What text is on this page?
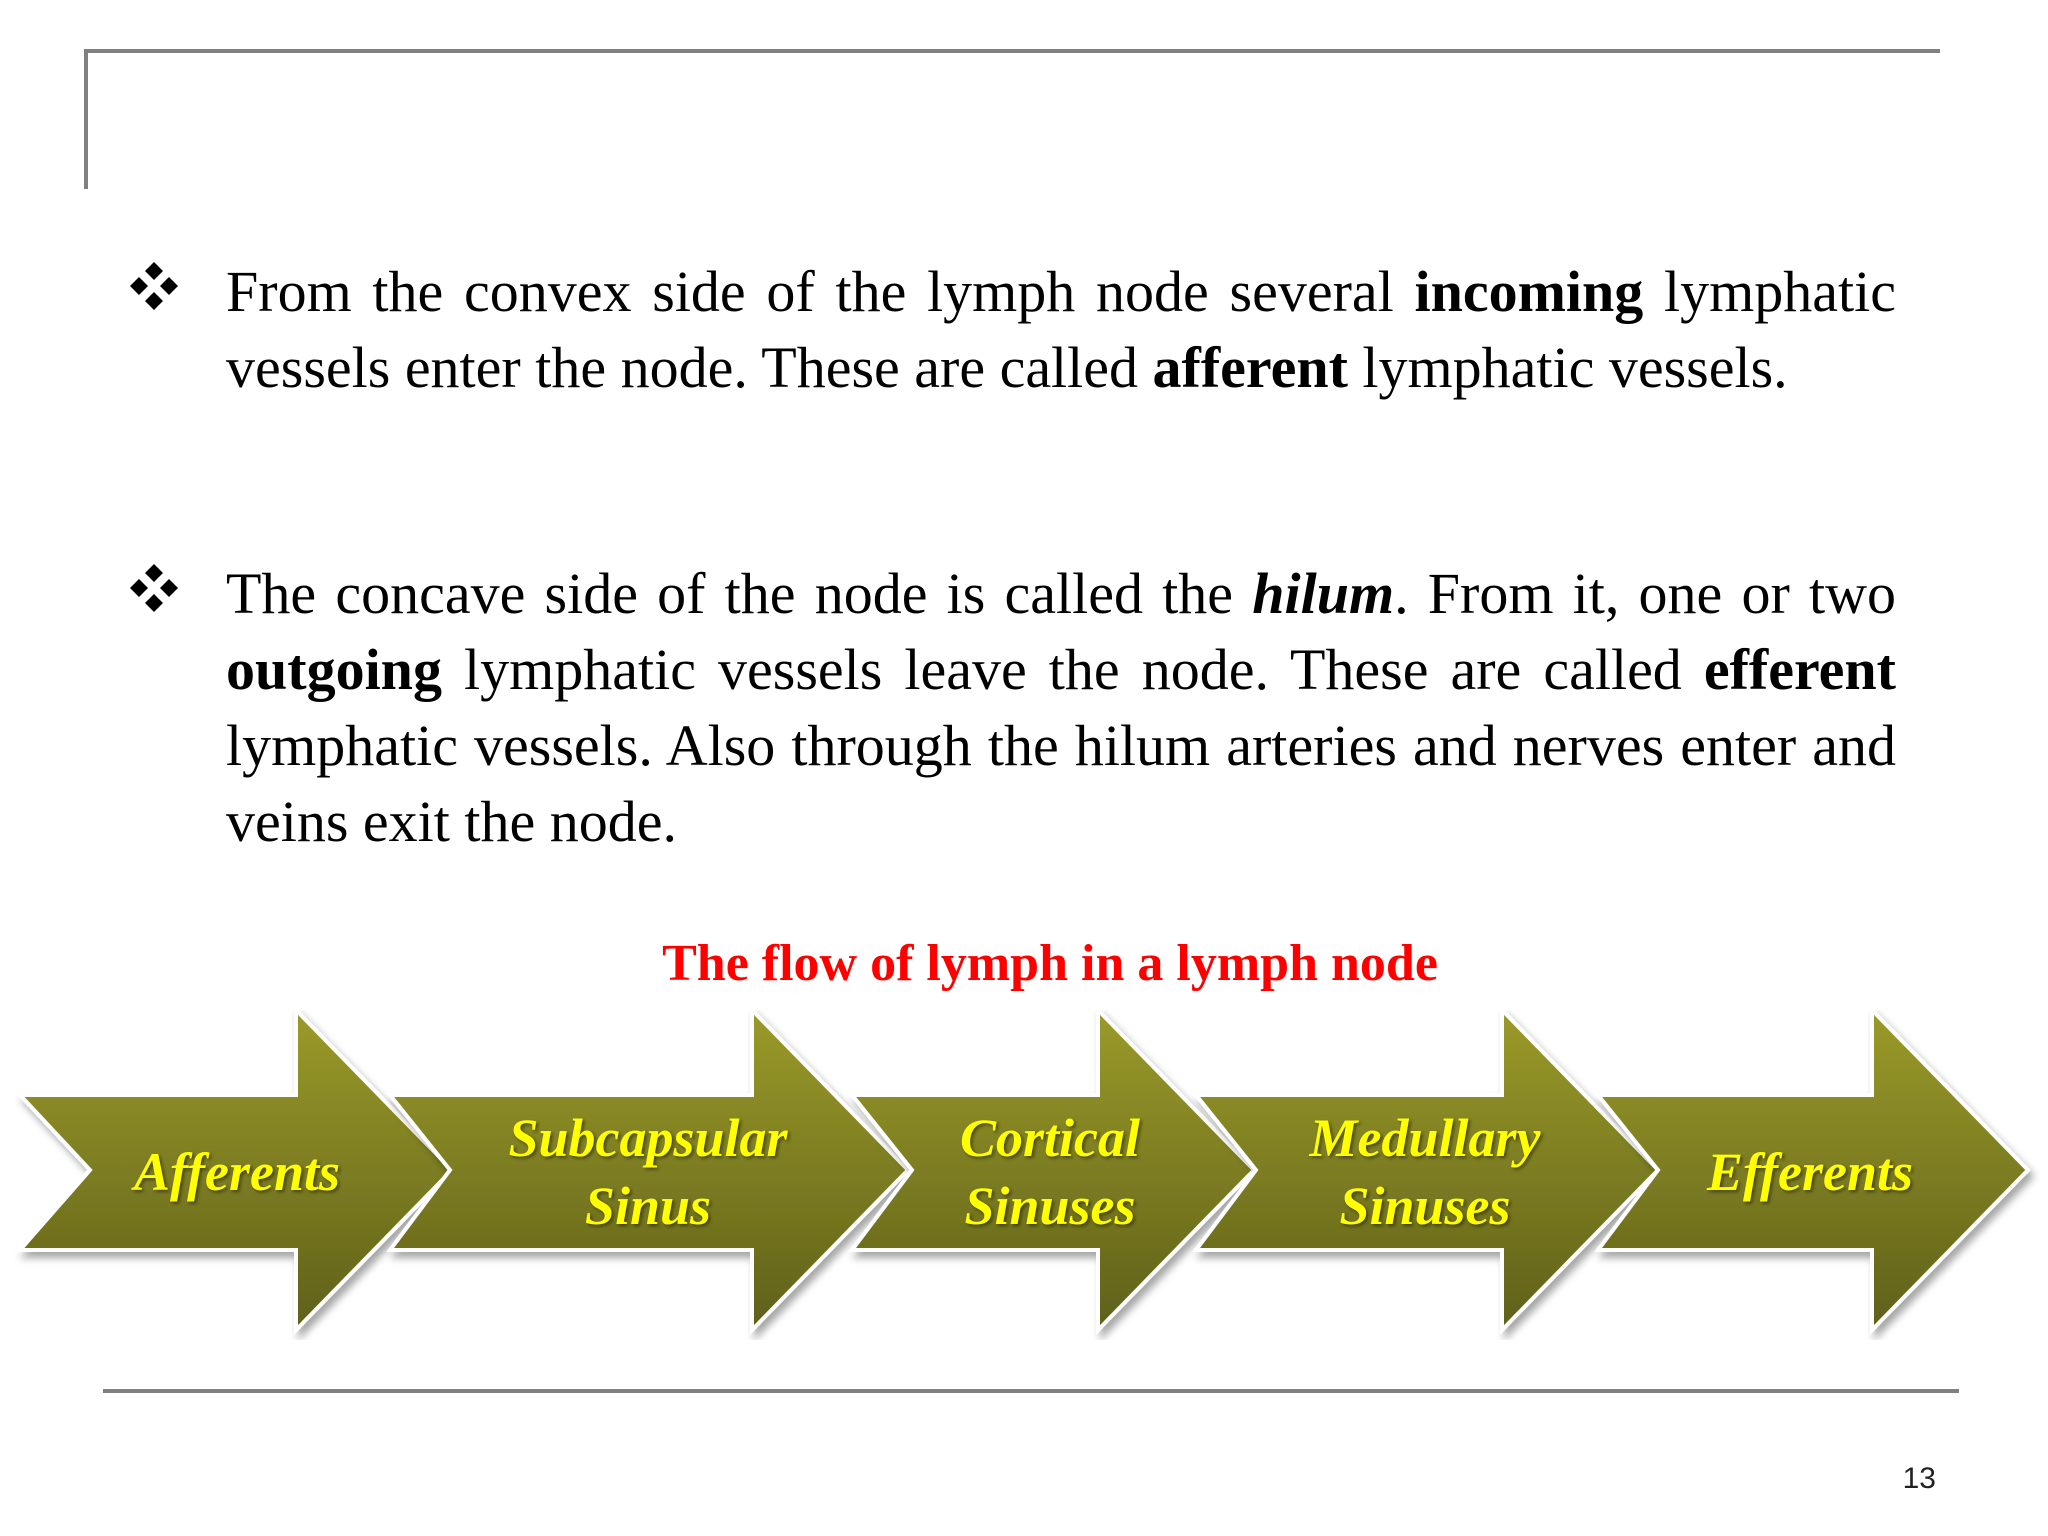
From the convex side of the lymph node several incoming lymphatic vessels enter the node. These are called afferent lymphatic vessels.
The concave side of the node is called the hilum. From it, one or two outgoing lymphatic vessels leave the node. These are called efferent lymphatic vessels. Also through the hilum arteries and nerves enter and veins exit the node.
The flow of lymph in a lymph node
Afferents
Subcapsular
Sinus
Cortical
Sinuses
Medullary
Sinuses
Efferents
13
